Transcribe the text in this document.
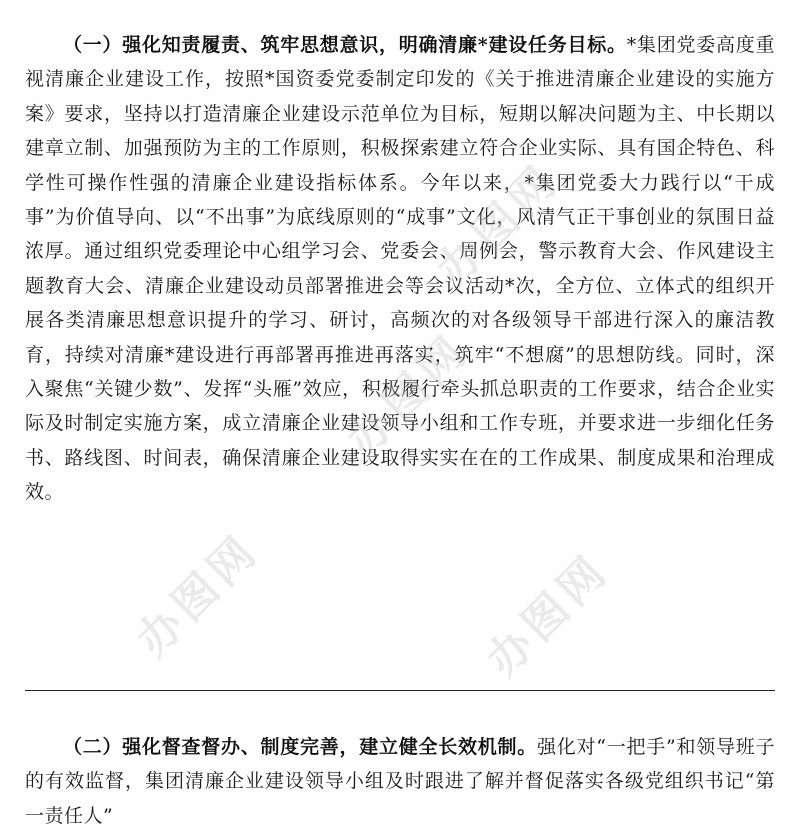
（一）强化知责履责、筑牢思想意识，明确清廉*建设任务目标。*集团党委高度重视清廉企业建设工作，按照*国资委党委制定印发的《关于推进清廉企业建设的实施方案》要求，坚持以打造清廉企业建设示范单位为目标，短期以解决问题为主、中长期以建章立制、加强预防为主的工作原则，积极探索建立符合企业实际、具有国企特色、科学性可操作性强的清廉企业建设指标体系。今年以来，*集团党委大力践行以“干成事”为价值导向、以“不出事”为底线原则的“成事”文化，风清气正干事创业的氛围日益浓厚。通过组织党委理论中心组学习会、党委会、周例会，警示教育大会、作风建设主题教育大会、清廉企业建设动员部署推进会等会议活动*次，全方位、立体式的组织开展各类清廉思想意识提升的学习、研讨，高频次的对各级领导干部进行深入的廉洁教育，持续对清廉*建设进行再部署再推进再落实，筑牢“不想腐”的思想防线。同时，深入聚焦“关键少数”、发挥“头雁”效应，积极履行牵头抓总职责的工作要求，结合企业实际及时制定实施方案，成立清廉企业建设领导小组和工作专班，并要求进一步细化任务书、路线图、时间表，确保清廉企业建设取得实实在在的工作成果、制度成果和治理成效。

（二）强化督查督办、制度完善，建立健全长效机制。强化对“一把手”和领导班子的有效监督，集团清廉企业建设领导小组及时跟进了解并督促落实各级党组织书记“第一责任人”

办图网
办图网
办图网	办图网
